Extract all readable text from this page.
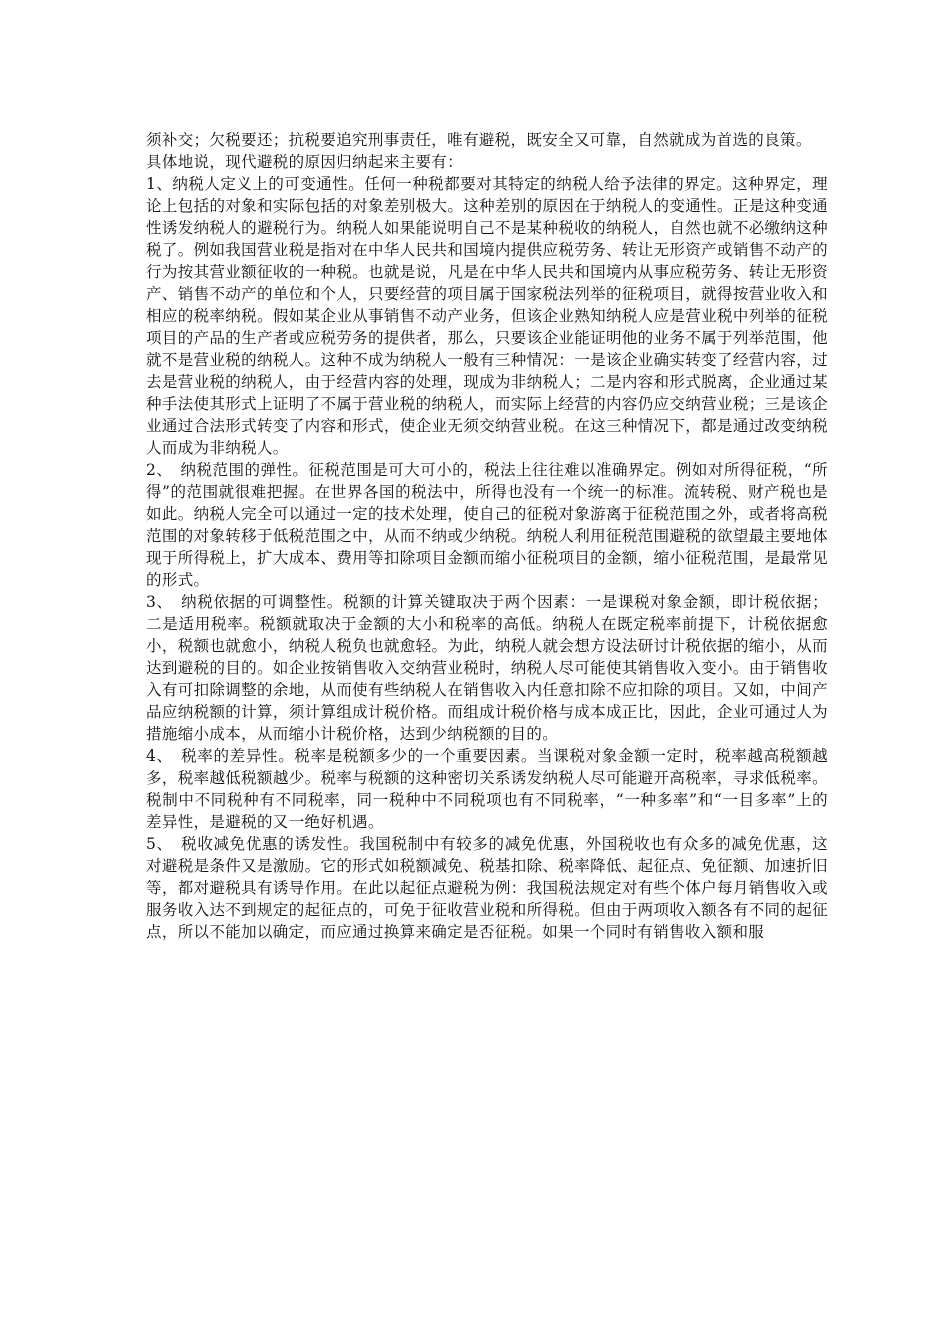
须补交；欠税要还；抗税要追究刑事责任，唯有避税，既安全又可靠，自然就成为首选的良策。

具体地说，现代避税的原因归纳起来主要有：

1、纳税人定义上的可变通性。任何一种税都要对其特定的纳税人给予法律的界定。这种界定，理论上包括的对象和实际包括的对象差别极大。这种差别的原因在于纳税人的变通性。正是这种变通性诱发纳税人的避税行为。纳税人如果能说明自己不是某种税收的纳税人，自然也就不必缴纳这种税了。例如我国营业税是指对在中华人民共和国境内提供应税劳务、转让无形资产或销售不动产的行为按其营业额征收的一种税。也就是说，凡是在中华人民共和国境内从事应税劳务、转让无形资产、销售不动产的单位和个人，只要经营的项目属于国家税法列举的征税项目，就得按营业收入和相应的税率纳税。假如某企业从事销售不动产业务，但该企业熟知纳税人应是营业税中列举的征税项目的产品的生产者或应税劳务的提供者，那么，只要该企业能证明他的业务不属于列举范围，他就不是营业税的纳税人。这种不成为纳税人一般有三种情况：一是该企业确实转变了经营内容，过去是营业税的纳税人，由于经营内容的处理，现成为非纳税人；二是内容和形式脱离，企业通过某种手法使其形式上证明了不属于营业税的纳税人，而实际上经营的内容仍应交纳营业税；三是该企业通过合法形式转变了内容和形式，使企业无须交纳营业税。在这三种情况下，都是通过改变纳税人而成为非纳税人。

2、　纳税范围的弹性。征税范围是可大可小的，税法上往往难以准确界定。例如对所得征税，“所得”的范围就很难把握。在世界各国的税法中，所得也没有一个统一的标准。流转税、财产税也是如此。纳税人完全可以通过一定的技术处理，使自己的征税对象游离于征税范围之外，或者将高税范围的对象转移于低税范围之中，从而不纳或少纳税。纳税人利用征税范围避税的欲望最主要地体现于所得税上，扩大成本、费用等扣除项目金额而缩小征税项目的金额，缩小征税范围，是最常见的形式。

3、　纳税依据的可调整性。税额的计算关键取决于两个因素：一是课税对象金额，即计税依据；二是适用税率。税额就取决于金额的大小和税率的高低。纳税人在既定税率前提下，计税依据愈小，税额也就愈小，纳税人税负也就愈轻。为此，纳税人就会想方设法研讨计税依据的缩小，从而达到避税的目的。如企业按销售收入交纳营业税时，纳税人尽可能使其销售收入变小。由于销售收入有可扣除调整的余地，从而使有些纳税人在销售收入内任意扣除不应扣除的项目。又如，中间产品应纳税额的计算，须计算组成计税价格。而组成计税价格与成本成正比，因此，企业可通过人为措施缩小成本，从而缩小计税价格，达到少纳税额的目的。

4、　税率的差异性。税率是税额多少的一个重要因素。当课税对象金额一定时，税率越高税额越多，税率越低税额越少。税率与税额的这种密切关系诱发纳税人尽可能避开高税率，寻求低税率。税制中不同税种有不同税率，同一税种中不同税项也有不同税率，“一种多率”和“一目多率”上的差异性，是避税的又一绝好机遇。

5、　税收减免优惠的诱发性。我国税制中有较多的减免优惠，外国税收也有众多的减免优惠，这对避税是条件又是激励。它的形式如税额减免、税基扣除、税率降低、起征点、免征额、加速折旧等，都对避税具有诱导作用。在此以起征点避税为例：我国税法规定对有些个体户每月销售收入或服务收入达不到规定的起征点的，可免于征收营业税和所得税。但由于两项收入额各有不同的起征点，所以不能加以确定，而应通过换算来确定是否征税。如果一个同时有销售收入额和服
